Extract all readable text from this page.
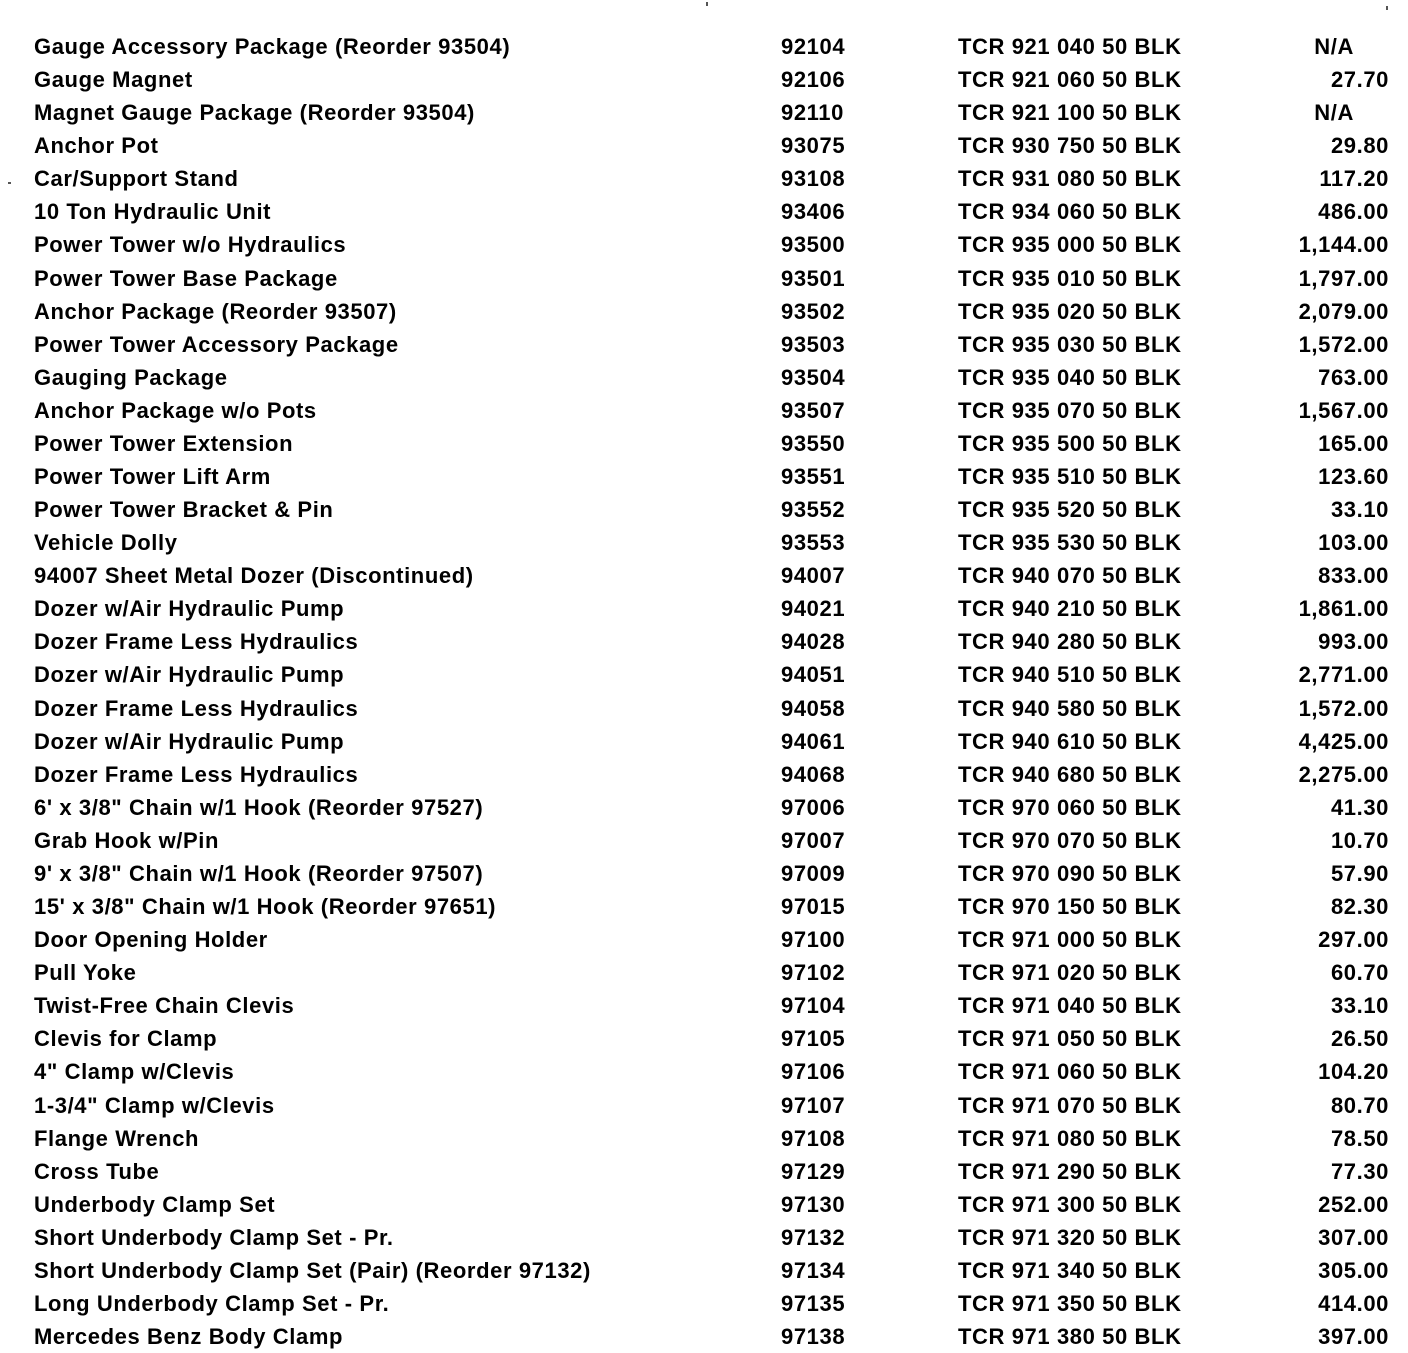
Gauge Accessory Package (Reorder 93504)	92104	TCR 921 040 50 BLK	N/A
Gauge Magnet	92106	TCR 921 060 50 BLK	27.70
Magnet Gauge Package (Reorder 93504)	92110	TCR 921 100 50 BLK	N/A
Anchor Pot	93075	TCR 930 750 50 BLK	29.80
Car/Support Stand	93108	TCR 931 080 50 BLK	117.20
10 Ton Hydraulic Unit	93406	TCR 934 060 50 BLK	486.00
Power Tower w/o Hydraulics	93500	TCR 935 000 50 BLK	1,144.00
Power Tower Base Package	93501	TCR 935 010 50 BLK	1,797.00
Anchor Package (Reorder 93507)	93502	TCR 935 020 50 BLK	2,079.00
Power Tower Accessory Package	93503	TCR 935 030 50 BLK	1,572.00
Gauging Package	93504	TCR 935 040 50 BLK	763.00
Anchor Package w/o Pots	93507	TCR 935 070 50 BLK	1,567.00
Power Tower Extension	93550	TCR 935 500 50 BLK	165.00
Power Tower Lift Arm	93551	TCR 935 510 50 BLK	123.60
Power Tower Bracket & Pin	93552	TCR 935 520 50 BLK	33.10
Vehicle Dolly	93553	TCR 935 530 50 BLK	103.00
94007 Sheet Metal Dozer (Discontinued)	94007	TCR 940 070 50 BLK	833.00
Dozer w/Air Hydraulic Pump	94021	TCR 940 210 50 BLK	1,861.00
Dozer Frame Less Hydraulics	94028	TCR 940 280 50 BLK	993.00
Dozer w/Air Hydraulic Pump	94051	TCR 940 510 50 BLK	2,771.00
Dozer Frame Less Hydraulics	94058	TCR 940 580 50 BLK	1,572.00
Dozer w/Air Hydraulic Pump	94061	TCR 940 610 50 BLK	4,425.00
Dozer Frame Less Hydraulics	94068	TCR 940 680 50 BLK	2,275.00
6' x 3/8" Chain w/1 Hook (Reorder 97527)	97006	TCR 970 060 50 BLK	41.30
Grab Hook w/Pin	97007	TCR 970 070 50 BLK	10.70
9' x 3/8" Chain w/1 Hook (Reorder 97507)	97009	TCR 970 090 50 BLK	57.90
15' x 3/8" Chain w/1 Hook (Reorder 97651)	97015	TCR 970 150 50 BLK	82.30
Door Opening Holder	97100	TCR 971 000 50 BLK	297.00
Pull Yoke	97102	TCR 971 020 50 BLK	60.70
Twist-Free Chain Clevis	97104	TCR 971 040 50 BLK	33.10
Clevis for Clamp	97105	TCR 971 050 50 BLK	26.50
4" Clamp w/Clevis	97106	TCR 971 060 50 BLK	104.20
1-3/4" Clamp w/Clevis	97107	TCR 971 070 50 BLK	80.70
Flange Wrench	97108	TCR 971 080 50 BLK	78.50
Cross Tube	97129	TCR 971 290 50 BLK	77.30
Underbody Clamp Set	97130	TCR 971 300 50 BLK	252.00
Short Underbody Clamp Set - Pr.	97132	TCR 971 320 50 BLK	307.00
Short Underbody Clamp Set (Pair) (Reorder 97132)	97134	TCR 971 340 50 BLK	305.00
Long Underbody Clamp Set - Pr.	97135	TCR 971 350 50 BLK	414.00
Mercedes Benz Body Clamp	97138	TCR 971 380 50 BLK	397.00
